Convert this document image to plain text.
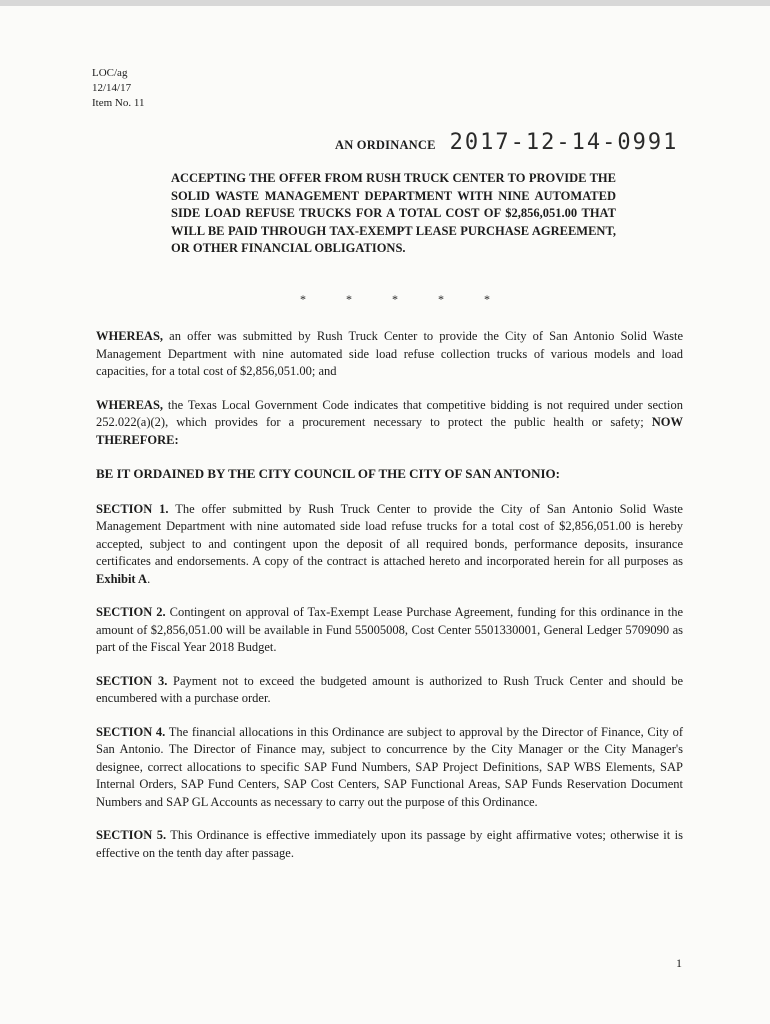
LOC/ag
12/14/17
Item No. 11
AN ORDINANCE 2017-12-14-0991
ACCEPTING THE OFFER FROM RUSH TRUCK CENTER TO PROVIDE THE SOLID WASTE MANAGEMENT DEPARTMENT WITH NINE AUTOMATED SIDE LOAD REFUSE TRUCKS FOR A TOTAL COST OF $2,856,051.00 THAT WILL BE PAID THROUGH TAX-EXEMPT LEASE PURCHASE AGREEMENT, OR OTHER FINANCIAL OBLIGATIONS.
*	*	*	*	*

WHEREAS, an offer was submitted by Rush Truck Center to provide the City of San Antonio Solid Waste Management Department with nine automated side load refuse collection trucks of various models and load capacities, for a total cost of $2,856,051.00; and

WHEREAS, the Texas Local Government Code indicates that competitive bidding is not required under section 252.022(a)(2), which provides for a procurement necessary to protect the public health or safety; NOW THEREFORE:

BE IT ORDAINED BY THE CITY COUNCIL OF THE CITY OF SAN ANTONIO:

SECTION 1. The offer submitted by Rush Truck Center to provide the City of San Antonio Solid Waste Management Department with nine automated side load refuse trucks for a total cost of $2,856,051.00 is hereby accepted, subject to and contingent upon the deposit of all required bonds, performance deposits, insurance certificates and endorsements. A copy of the contract is attached hereto and incorporated herein for all purposes as Exhibit A.

SECTION 2. Contingent on approval of Tax-Exempt Lease Purchase Agreement, funding for this ordinance in the amount of $2,856,051.00 will be available in Fund 55005008, Cost Center 5501330001, General Ledger 5709090 as part of the Fiscal Year 2018 Budget.

SECTION 3. Payment not to exceed the budgeted amount is authorized to Rush Truck Center and should be encumbered with a purchase order.

SECTION 4. The financial allocations in this Ordinance are subject to approval by the Director of Finance, City of San Antonio. The Director of Finance may, subject to concurrence by the City Manager or the City Manager's designee, correct allocations to specific SAP Fund Numbers, SAP Project Definitions, SAP WBS Elements, SAP Internal Orders, SAP Fund Centers, SAP Cost Centers, SAP Functional Areas, SAP Funds Reservation Document Numbers and SAP GL Accounts as necessary to carry out the purpose of this Ordinance.

SECTION 5. This Ordinance is effective immediately upon its passage by eight affirmative votes; otherwise it is effective on the tenth day after passage.

1
